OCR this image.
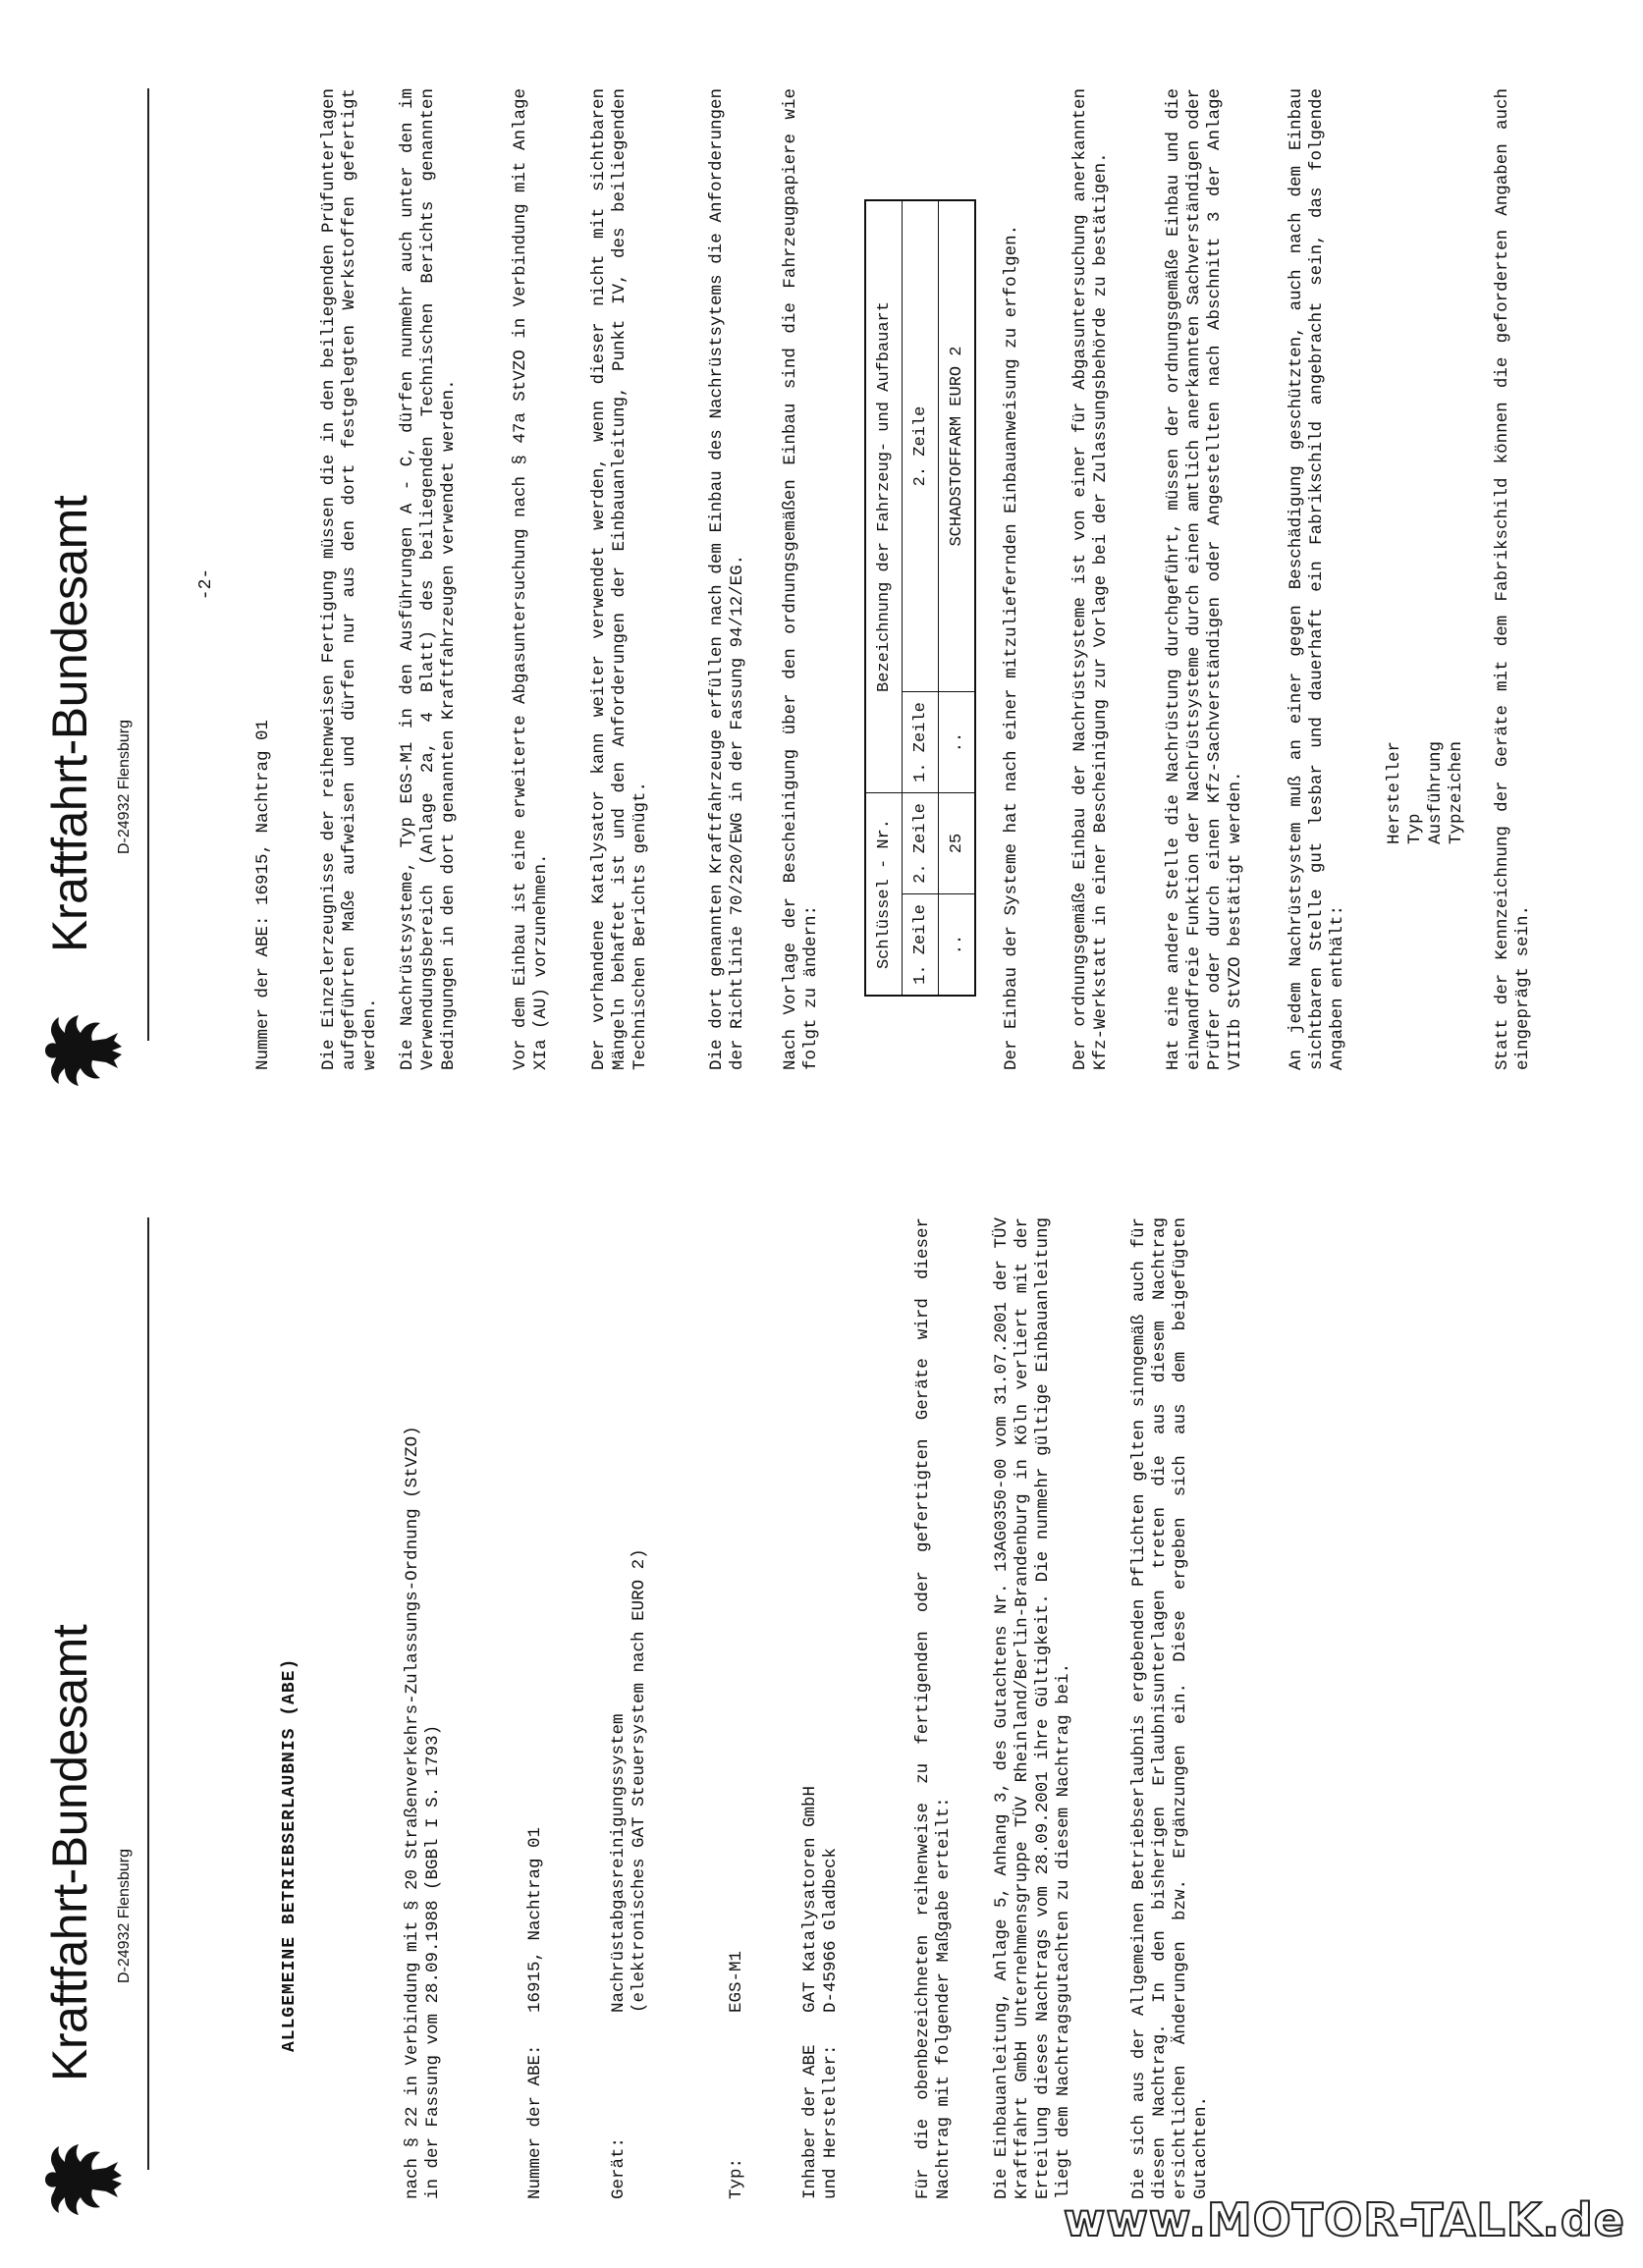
Kraftfahrt-Bundesamt D-24932 Flensburg	ALLGEMEINE BETRIEBSERLAUBNIS (ABE)
nach § 22 in Verbindung mit § 20 Straßenverkehrs-Zulassungs-Ordnung (StVZO)
in der Fassung vom 28.09.1988 (BGBl I S. 1793)
Nummer der ABE:
16915, Nachtrag 01
Gerät:
Nachrüstabgasreinigungssystem
(elektronisches GAT Steuersystem nach EURO 2)
Typ:
EGS-M1
Inhaber der ABE
und Hersteller:
GAT Katalysatoren GmbH
D-45966 Gladbeck	Für die obenbezeichneten reihenweise zu fertigenden oder gefertigten Geräte wird dieser Nachtrag mit folgender Maßgabe erteilt: Die Einbauanleitung, Anlage 5, Anhang 3, des Gutachtens Nr. 13AG0350-00 vom 31.07.2001 der TÜV Kraftfahrt GmbH Unternehmensgruppe TÜV Rheinland/Berlin-Brandenburg in Köln verliert mit der Erteilung dieses Nachtrags vom 28.09.2001 ihre Gültigkeit. Die nunmehr gültige Einbauanleitung liegt dem Nachtragsgutachten zu diesem Nachtrag bei.	Die sich aus der Allgemeinen Betriebserlaubnis ergebenden Pflichten gelten sinngemäß auch für diesen Nachtrag. In den bisherigen Erlaubnisunterlagen treten die aus diesem Nachtrag ersichtlichen Änderungen bzw. Ergänzungen ein. Diese ergeben sich aus dem beigefügten Gutachten.

Kraftfahrt-Bundesamt D-24932 Flensburg
-2-
Nummer der ABE: 16915, Nachtrag 01	Die Einzelerzeugnisse der reihenweisen Fertigung müssen die in den beiliegenden Prüfunterlagen aufgeführten Maße aufweisen und dürfen nur aus den dort festgelegten Werkstoffen gefertigt werden. Die Nachrüstsysteme, Typ EGS-M1 in den Ausführungen A - C, dürfen nunmehr auch unter den im Verwendungsbereich (Anlage 2a, 4 Blatt) des beiliegenden Technischen Berichts genannten Bedingungen in den dort genannten Kraftfahrzeugen verwendet werden.	Vor dem Einbau ist eine erweiterte Abgasuntersuchung nach § 47a StVZO in Verbindung mit Anlage XIa (AU) vorzunehmen. Der vorhandene Katalysator kann weiter verwendet werden, wenn dieser nicht mit sichtbaren Mängeln behaftet ist und den Anforderungen der Einbauanleitung, Punkt IV, des beiliegenden Technischen Berichts genügt.	Die dort genannten Kraftfahrzeuge erfüllen nach dem Einbau des Nachrüstsytems die Anforderungen der Richtlinie 70/220/EWG in der Fassung 94/12/EG. Nach Vorlage der Bescheinigung über den ordnungsgemäßen Einbau sind die Fahrzeugpapiere wie folgt zu ändern:

Schlüssel - Nr.		Bezeichnung der Fahrzeug- und Aufbauart	
1. Zeile	2. Zeile	1. Zeile	2. Zeile
..	25	..	SCHADSTOFFARM EURO 2 Der Einbau der Systeme hat nach einer mitzuliefernden Einbauanweisung zu erfolgen.	Der ordnungsgemäße Einbau der Nachrüstsysteme ist von einer für Abgasuntersuchung anerkannten Kfz-Werkstatt in einer Bescheinigung zur Vorlage bei der Zulassungsbehörde zu bestätigen.	Hat eine andere Stelle die Nachrüstung durchgeführt, müssen der ordnungsgemäße Einbau und die einwandfreie Funktion der Nachrüstsysteme durch einen amtlich anerkannten Sachverständigen oder Prüfer oder durch einen Kfz-Sachverständigen oder Angestellten nach Abschnitt 3 der Anlage VIIIb StVZO bestätigt werden. An jedem Nachrüstsystem muß an einer gegen Beschädigung geschützten, auch nach dem Einbau sichtbaren Stelle gut lesbar und dauerhaft ein Fabrikschild angebracht sein, das folgende Angaben enthält:

Hersteller Typ Ausführung Typzeichen Statt der Kennzeichnung der Geräte mit dem Fabrikschild können die geforderten Angaben auch eingeprägt sein.

www.MOTOR-TALK.de
